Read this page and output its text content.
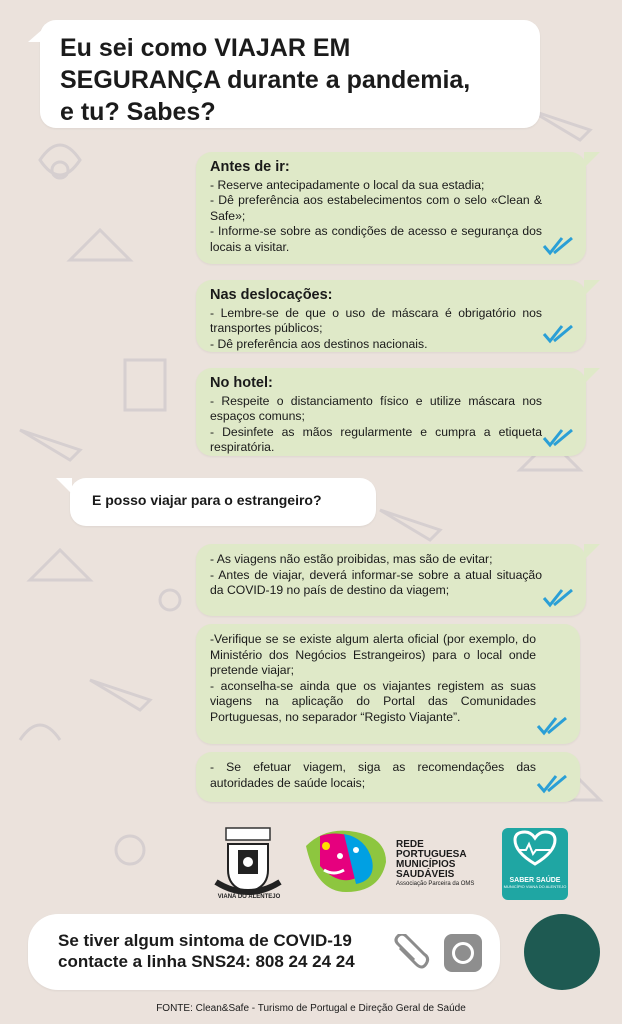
Eu sei como VIAJAR EM
SEGURANÇA durante a pandemia,
e tu? Sabes?
Antes de ir:

- Reserve antecipadamente o local da sua estadia;

- Dê preferência aos estabelecimentos com o selo «Clean & Safe»;

- Informe-se sobre as condições de acesso e segurança dos locais a visitar.

Nas deslocações:

- Lembre-se de que o uso de máscara é obrigatório nos transportes públicos;

- Dê preferência aos destinos nacionais.

No hotel:

- Respeite o distanciamento físico e utilize máscara nos espaços comuns;

- Desinfete as mãos regularmente e cumpra a etiqueta respiratória.

E posso viajar para o estrangeiro?

- As viagens não estão proibidas, mas são de evitar;

- Antes de viajar, deverá informar-se sobre a atual situação da COVID-19 no país de destino da viagem;

-Verifique se se existe algum alerta oficial (por exemplo, do Ministério dos Negócios Estrangeiros) para o local onde pretende viajar;

- aconselha-se ainda que os viajantes registem as suas viagens na aplicação do Portal das Comunidades Portuguesas, no separador “Registo Viajante”.

- Se efetuar viagem, siga as recomendações das autoridades de saúde locais;

VIANA DO ALENTEJO
REDE
PORTUGUESA
MUNICÍPIOS
SAUDÁVEIS
Associação Parceira da OMS	SABER SAÚDE
MUNICÍPIO VIANA DO ALENTEJO
Se tiver algum sintoma de COVID-19
contacte a linha SNS24: 808 24 24 24
FONTE: Clean&Safe - Turismo de Portugal e Direção Geral de Saúde
